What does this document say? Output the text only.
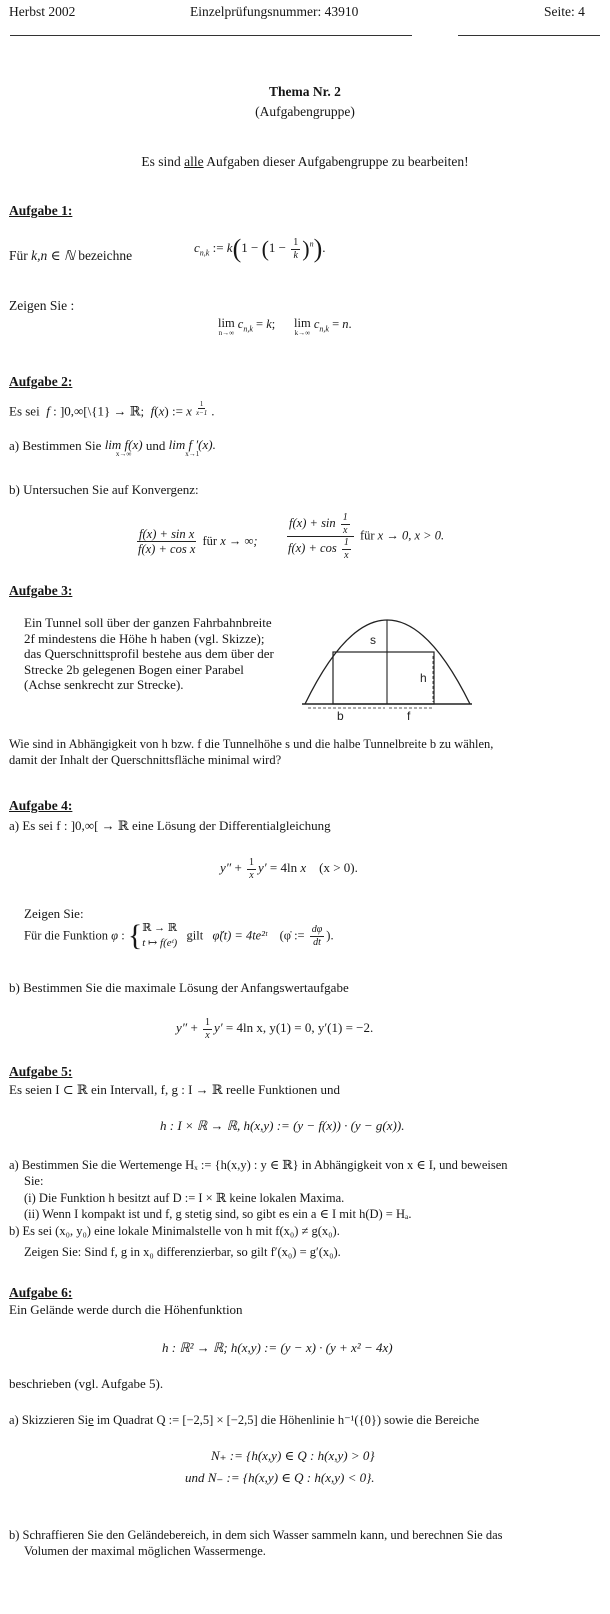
Herbst 2002	Einzelprüfungsnummer: 43910	Seite: 4
Thema Nr. 2
(Aufgabengruppe)
Es sind alle Aufgaben dieser Aufgabengruppe zu bearbeiten!
Aufgabe 1:
Für k,n ∈ ℕ bezeichne
$c_{n,k}$ := $k(1 - (1 - \frac{1}{k} )^n)$.
Zeigen Sie :
lim
n→∞
$c_{n,k} = k$; lim
k→∞
$c_{n,k} = n$.
Aufgabe 2:
Es sei  f : ]0,∞[\{1} → ℝ;  f(x) := x $^{\frac{1}{x-1}}$ .
a) Bestimmen Sie lim f(x)
x→∞
und lim f ′(x).
x→1
b) Untersuchen Sie auf Konvergenz:
$\frac{\text{f(x) + sin x}}{\text{f(x) + cos x}}$ für x → ∞; $\frac{f(x) + \sin \frac{1}{x}}{f(x) + \cos \frac{1}{x}}$ für x → 0, x > 0.
Aufgabe 3:
Ein Tunnel soll über der ganzen Fahrbahnbreite
2f mindestens die Höhe h haben (vgl. Skizze);
das Querschnittsprofil bestehe aus dem über der
Strecke 2b gelegenen Bogen einer Parabel
(Achse senkrecht zur Strecke).
s
h
b	f
Wie sind in Abhängigkeit von h bzw. f die Tunnelhöhe s und die halbe Tunnelbreite b zu wählen,
damit der Inhalt der Querschnittsfläche minimal wird?
Aufgabe 4:
a) Es sei f : ]0,∞[ → ℝ eine Lösung der Differentialgleichung
$y'' + \frac{1}{x} y' = 4\ln$ x (x > 0).
Zeigen Sie:
Für die Funktion φ : { ℝ → ℝ
t ↦ f(eᵗ)
gilt φ̈(t) = 4te²ᵗ (φ̇ := $\frac{d\varphi}{dt}$ ).
b) Bestimmen Sie die maximale Lösung der Anfangswertaufgabe
$y'' + \frac{1}{x} y' = 4\ln$ x, y(1) = 0, y′(1) = −2.
Aufgabe 5:
Es seien I ⊂ ℝ ein Intervall, f, g : I → ℝ reelle Funktionen und
h : I × ℝ → ℝ, h(x,y) := (y − f(x)) · (y − g(x)).
a) Bestimmen Sie die Wertemenge Hₓ := {h(x,y) : y ∈ ℝ} in Abhängigkeit von x ∈ I, und beweisen
Sie:
(i) Die Funktion h besitzt auf D := I × ℝ keine lokalen Maxima.
(ii) Wenn I kompakt ist und f, g stetig sind, so gibt es ein a ∈ I mit h(D) = Hₐ.
b) Es sei (x₀, y₀) eine lokale Minimalstelle von h mit f(x₀) ≠ g(x₀).
Zeigen Sie: Sind f, g in x₀ differenzierbar, so gilt f′(x₀) = g′(x₀).
Aufgabe 6:
Ein Gelände werde durch die Höhenfunktion
h : ℝ² → ℝ; h(x,y) := (y − x) · (y + x² − 4x)
beschrieben (vgl. Aufgabe 5).
a) Skizzieren Sie im Quadrat Q := [−2,5] × [−2,5] die Höhenlinie h⁻¹({0}) sowie die Bereiche
N₊ := {h(x,y) ∈ Q : h(x,y) > 0}
und N₋ := {h(x,y) ∈ Q : h(x,y) < 0}.
b) Schraffieren Sie den Geländebereich, in dem sich Wasser sammeln kann, und berechnen Sie das
Volumen der maximal möglichen Wassermenge.
